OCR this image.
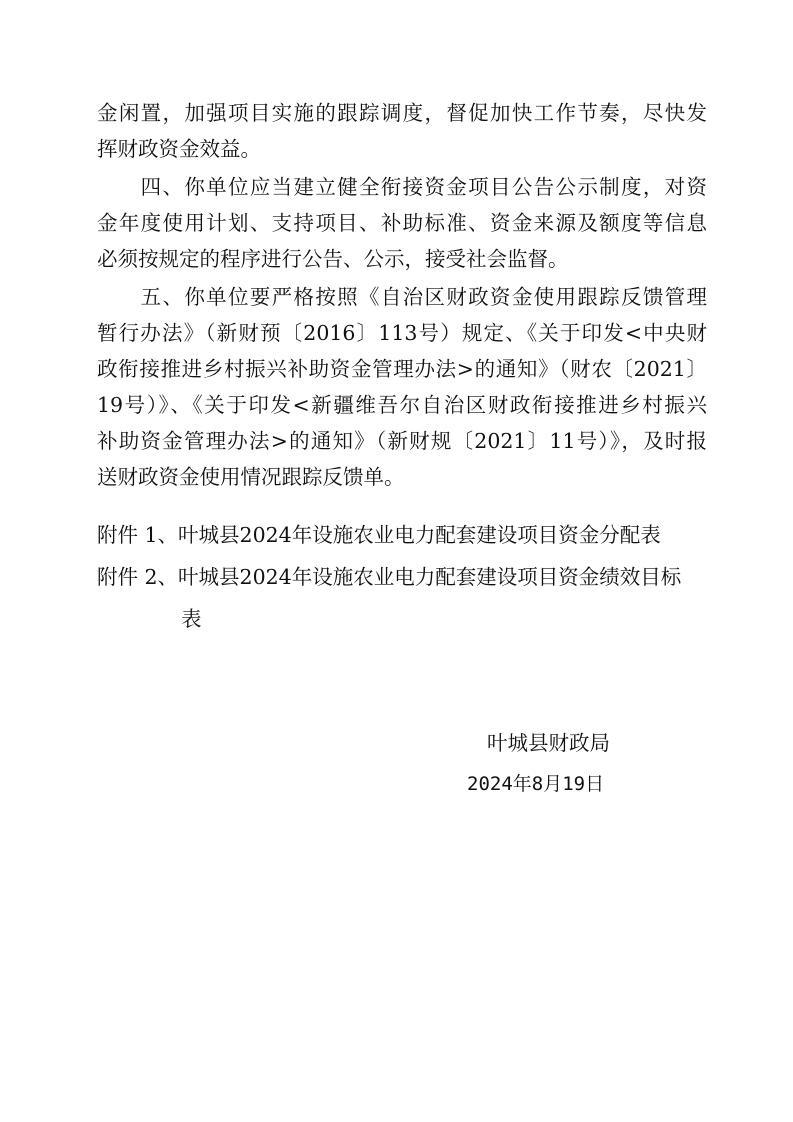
金闲置，加强项目实施的跟踪调度，督促加快工作节奏，尽快发
挥财政资金效益。
　　四、你单位应当建立健全衔接资金项目公告公示制度，对资
金年度使用计划、支持项目、补助标准、资金来源及额度等信息
必须按规定的程序进行公告、公示，接受社会监督。
　　五、你单位要严格按照《自治区财政资金使用跟踪反馈管理
暂行办法》（新财预〔2016〕113号）规定、《关于印发<中央财
政衔接推进乡村振兴补助资金管理办法>的通知》（财农〔2021〕
19号）》、《关于印发<新疆维吾尔自治区财政衔接推进乡村振兴
补助资金管理办法>的通知》（新财规〔2021〕11号）》，及时报
送财政资金使用情况跟踪反馈单。
附件 1、叶城县2024年设施农业电力配套建设项目资金分配表
附件 2、叶城县2024年设施农业电力配套建设项目资金绩效目标
表
叶城县财政局
2024年8月19日
